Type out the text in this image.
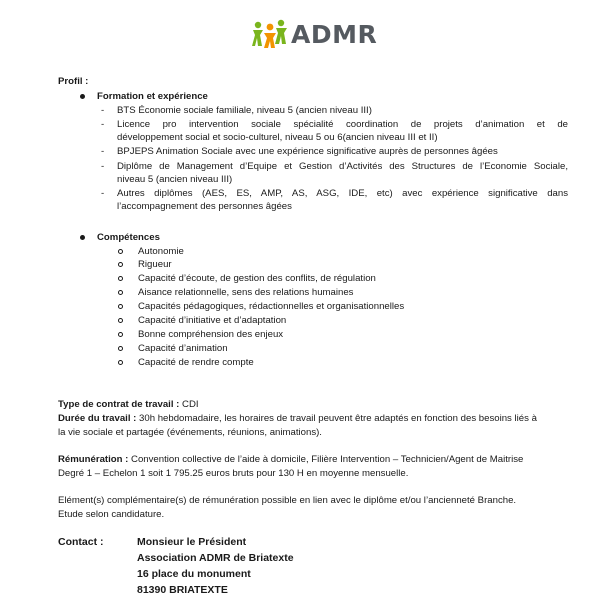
ADMR
Profil :
Formation et expérience
- BTS Économie sociale familiale, niveau 5 (ancien niveau III)
- Licence pro intervention sociale spécialité coordination de projets d’animation et de
développement social et socio-culturel, niveau 5 ou 6(ancien niveau III et II)
- BPJEPS Animation Sociale avec une expérience significative auprès de personnes âgées
- Diplôme de Management d’Equipe et Gestion d’Activités des Structures de l’Economie Sociale,
niveau 5 (ancien niveau III)
- Autres diplômes (AES, ES, AMP, AS, ASG, IDE, etc) avec expérience significative dans
l’accompagnement des personnes âgées
Compétences
Autonomie
Rigueur
Capacité d’écoute, de gestion des conflits, de régulation
Aisance relationnelle, sens des relations humaines
Capacités pédagogiques, rédactionnelles et organisationnelles
Capacité d’initiative et d’adaptation
Bonne compréhension des enjeux
Capacité d’animation
Capacité de rendre compte
Type de contrat de travail : CDI
Durée du travail : 30h hebdomadaire, les horaires de travail peuvent être adaptés en fonction des besoins liés à
la vie sociale et partagée (événements, réunions, animations).
Rémunération : Convention collective de l’aide à domicile, Filière Intervention – Technicien/Agent de Maitrise
Degré 1 – Echelon 1 soit 1 795.25 euros bruts pour 130 H en moyenne mensuelle.
Elément(s) complémentaire(s) de rémunération possible en lien avec le diplôme et/ou l’ancienneté Branche.
Etude selon candidature.
Contact :	Monsieur le Président
Association ADMR de Briatexte
16 place du monument
81390 BRIATEXTE
